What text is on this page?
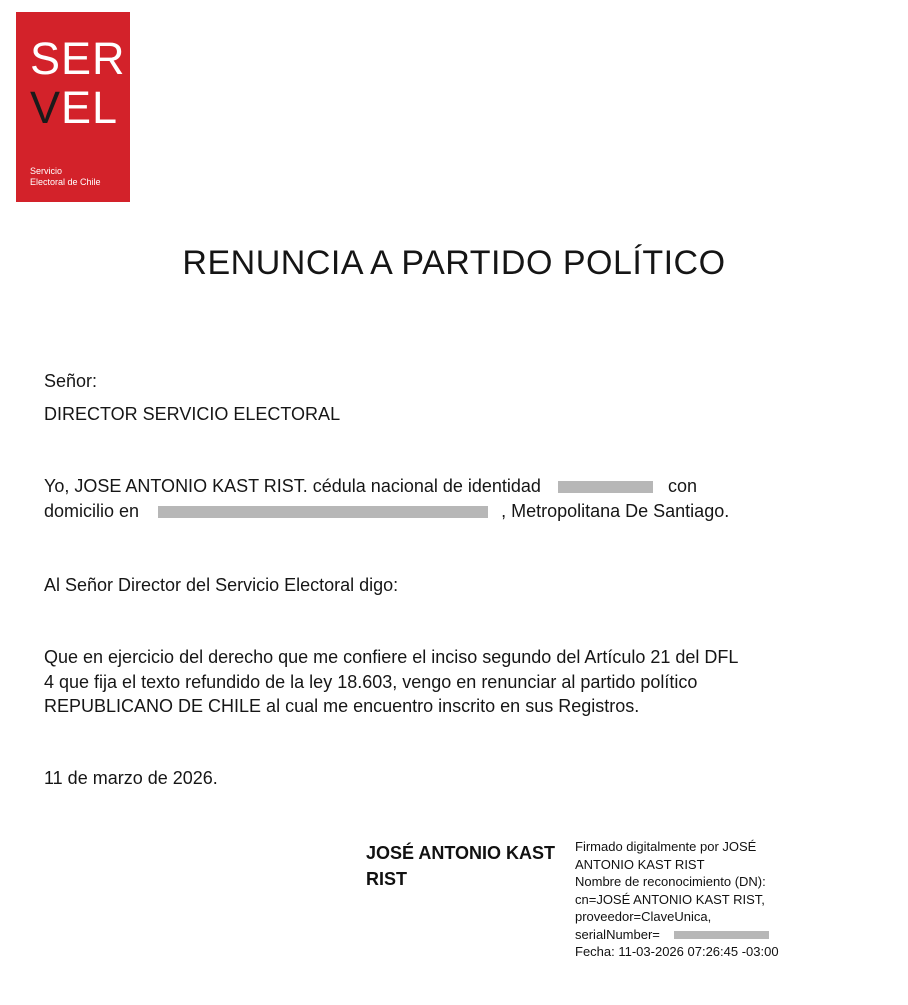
SER
VEL
Servicio
Electoral de Chile
RENUNCIA A PARTIDO POLÍTICO
Señor:
DIRECTOR SERVICIO ELECTORAL
Yo, JOSE ANTONIO KAST RIST. cédula nacional de identidad	con
domicilio en	, Metropolitana De Santiago.
Al Señor Director del Servicio Electoral digo:
Que en ejercicio del derecho que me confiere el inciso segundo del Artículo 21 del DFL
4 que fija el texto refundido de la ley 18.603, vengo en renunciar al partido político
REPUBLICANO DE CHILE al cual me encuentro inscrito en sus Registros.
11 de marzo de 2026.
JOSÉ ANTONIO KAST
RIST
Firmado digitalmente por JOSÉ
ANTONIO KAST RIST
Nombre de reconocimiento (DN):
cn=JOSÉ ANTONIO KAST RIST,
proveedor=ClaveUnica,
serialNumber=
Fecha: 11-03-2026 07:26:45 -03:00
